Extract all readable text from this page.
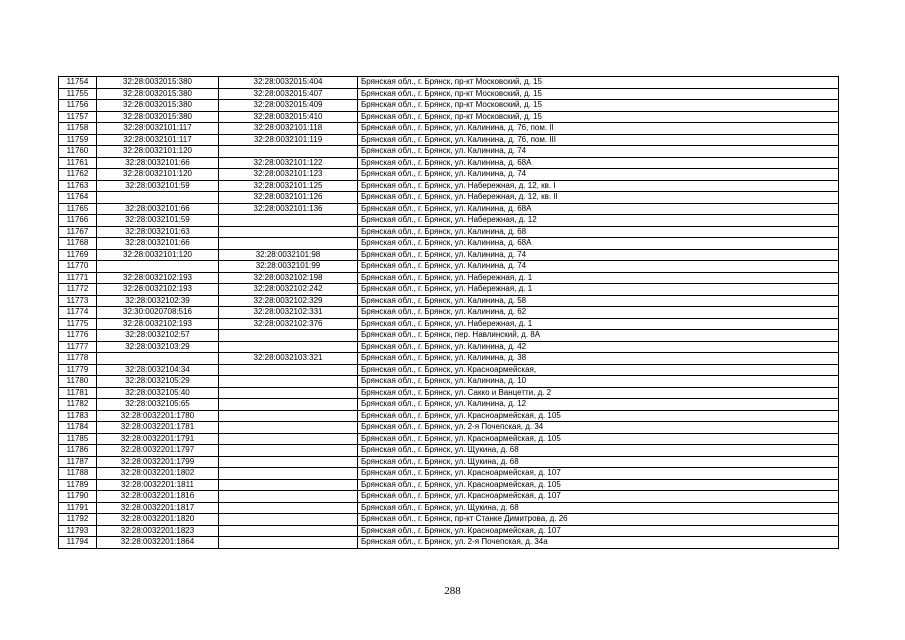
11754	32:28:0032015:380	32:28:0032015:404	Брянская обл., г. Брянск, пр-кт Московский, д. 15
11755	32:28:0032015:380	32:28:0032015:407	Брянская обл., г. Брянск, пр-кт Московский, д. 15
11756	32:28:0032015:380	32:28:0032015:409	Брянская обл., г. Брянск, пр-кт Московский, д. 15
11757	32:28:0032015:380	32:28:0032015:410	Брянская обл., г. Брянск, пр-кт Московский, д. 15
11758	32:28:0032101:117	32:28:0032101:118	Брянская обл., г. Брянск, ул. Калинина, д. 76, пом. II
11759	32:28:0032101:117	32:28:0032101:119	Брянская обл., г. Брянск, ул. Калинина, д. 76, пом. III
11760	32:28:0032101:120		Брянская обл., г. Брянск, ул. Калинина, д. 74
11761	32:28:0032101:66	32:28:0032101:122	Брянская обл., г. Брянск, ул. Калинина, д. 68А
11762	32:28:0032101:120	32:28:0032101:123	Брянская обл., г. Брянск, ул. Калинина, д. 74
11763	32:28:0032101:59	32:28:0032101:125	Брянская обл., г. Брянск, ул. Набережная, д. 12, кв. I
11764		32:28:0032101:126	Брянская обл., г. Брянск, ул. Набережная, д. 12, кв. II
11765	32:28:0032101:66	32:28:0032101:136	Брянская обл., г. Брянск, ул. Калинина, д. 68А
11766	32:28:0032101:59		Брянская обл., г. Брянск, ул. Набережная, д. 12
11767	32:28:0032101:63		Брянская обл., г. Брянск, ул. Калинина, д. 68
11768	32:28:0032101:66		Брянская обл., г. Брянск, ул. Калинина, д. 68А
11769	32:28:0032101:120	32:28:0032101:98	Брянская обл., г. Брянск, ул. Калинина, д. 74
11770		32:28:0032101:99	Брянская обл., г. Брянск, ул. Калинина, д. 74
11771	32:28:0032102:193	32:28:0032102:198	Брянская обл., г. Брянск, ул. Набережная, д. 1
11772	32:28:0032102:193	32:28:0032102:242	Брянская обл., г. Брянск, ул. Набережная, д. 1
11773	32:28:0032102:39	32:28:0032102:329	Брянская обл., г. Брянск, ул. Калинина, д. 58
11774	32:30:0020708:516	32:28:0032102:331	Брянская обл., г. Брянск, ул. Калинина, д. 62
11775	32:28:0032102:193	32:28:0032102:376	Брянская обл., г. Брянск, ул. Набережная, д. 1
11776	32:28:0032102:57		Брянская обл., г. Брянск, пер. Навлинский, д. 8А
11777	32:28:0032103:29		Брянская обл., г. Брянск, ул. Калинина, д. 42
11778		32:28:0032103:321	Брянская обл., г. Брянск, ул. Калинина, д. 38
11779	32:28:0032104:34		Брянская обл., г. Брянск, ул. Красноармейская,
11780	32:28:0032105:29		Брянская обл., г. Брянск, ул. Калинина, д. 10
11781	32:28:0032105:40		Брянская обл., г. Брянск, ул. Сакко и Ванцетти, д. 2
11782	32:28:0032105:65		Брянская обл., г. Брянск, ул. Калинина, д. 12
11783	32:28:0032201:1780		Брянская обл., г. Брянск, ул. Красноармейская, д. 105
11784	32:28:0032201:1781		Брянская обл., г. Брянск, ул. 2-я Почепская, д. 34
11785	32:28:0032201:1791		Брянская обл., г. Брянск, ул. Красноармейская, д. 105
11786	32:28:0032201:1797		Брянская обл., г. Брянск, ул. Щукина, д. 68
11787	32:28:0032201:1799		Брянская обл., г. Брянск, ул. Щукина, д. 68
11788	32:28:0032201:1802		Брянская обл., г. Брянск, ул. Красноармейская, д. 107
11789	32:28:0032201:1811		Брянская обл., г. Брянск, ул. Красноармейская, д. 105
11790	32:28:0032201:1816		Брянская обл., г. Брянск, ул. Красноармейская, д. 107
11791	32:28:0032201:1817		Брянская обл., г. Брянск, ул. Щукина, д. 68
11792	32:28:0032201:1820		Брянская обл., г. Брянск, пр-кт Станке Димитрова, д. 26
11793	32:28:0032201:1823		Брянская обл., г. Брянск, ул. Красноармейская, д. 107
11794	32:28:0032201:1864		Брянская обл., г. Брянск, ул. 2-я Почепская, д. 34а
288
